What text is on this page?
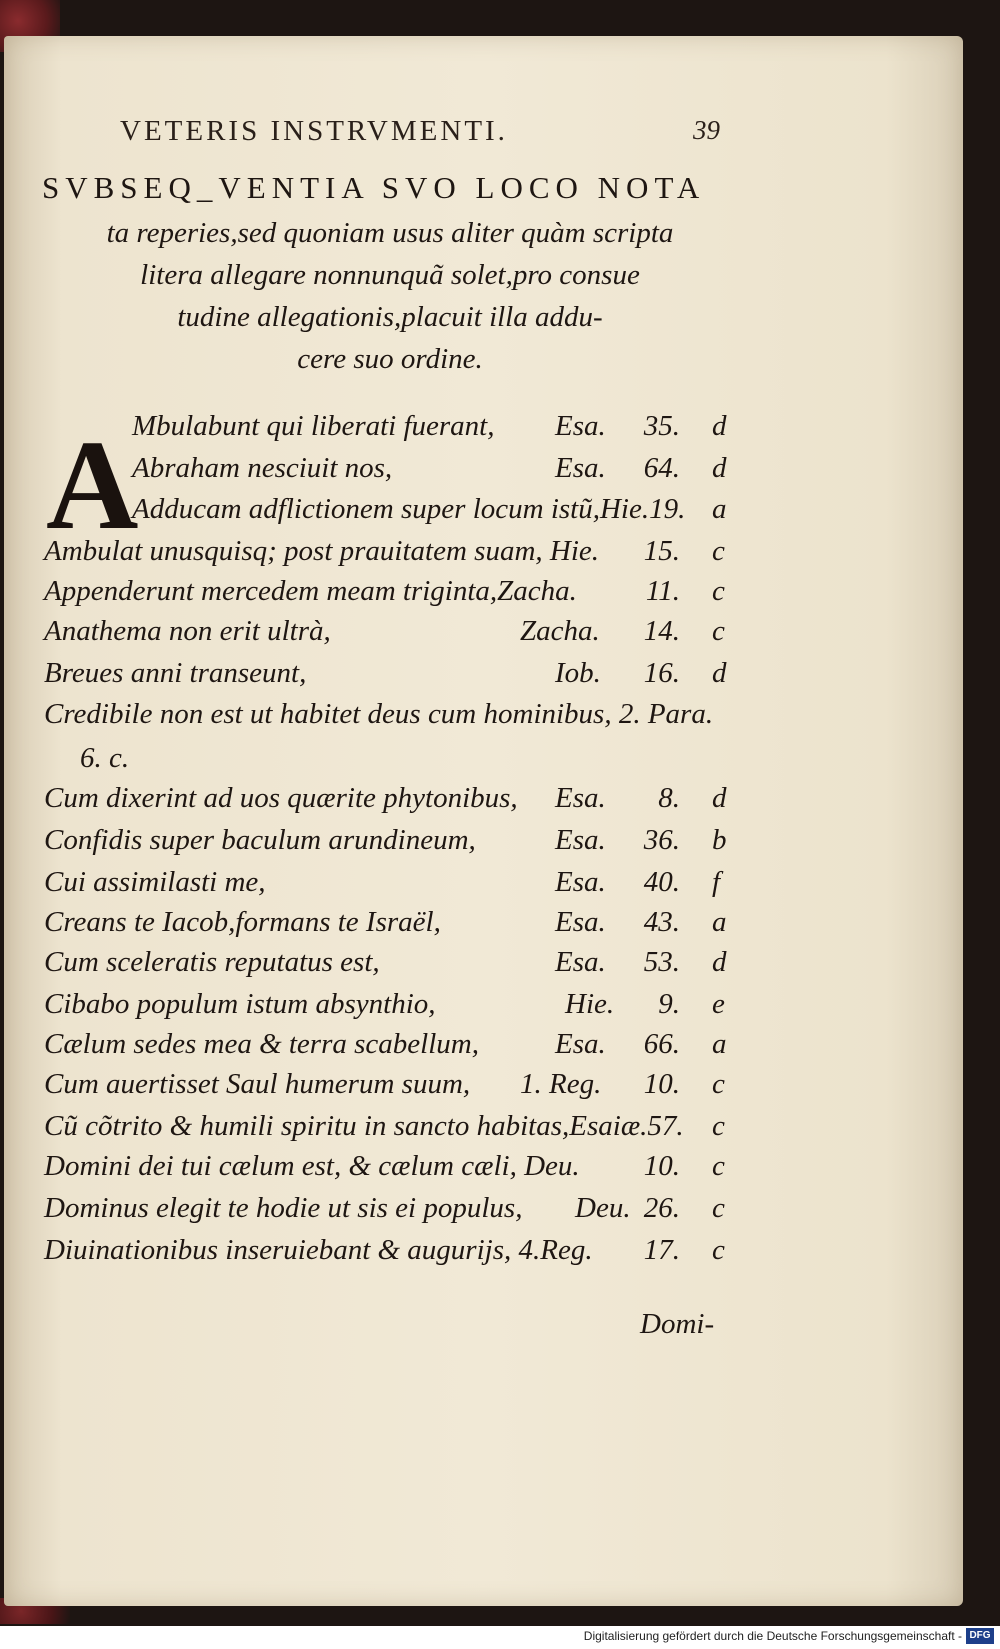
VETERIS INSTRVMENTI.	39
SVBSEQ_VENTIA SVO LOCO NOTA
ta reperies,sed quoniam usus aliter quàm scripta
litera allegare nonnunquã solet,pro consue
tudine allegationis,placuit illa addu-
cere suo ordine.
A
Mbulabunt qui liberati fuerant, Esa.	35. d
Abraham nesciuit nos,	Esa.	64. d
Adducam adflictionem super locum istũ,Hie.19. a
Ambulat unusquisq; post prauitatem suam, Hie.	15. c
Appenderunt mercedem meam triginta,Zacha.	11. c
Anathema non erit ultrà,	Zacha.	14. c
Breues anni transeunt,	Iob.	16. d
Credibile non est ut habitet deus cum hominibus, 2. Para.
6. c.
Cum dixerint ad uos quærite phytonibus, Esa.	8. d
Confidis super baculum arundineum,	Esa.	36. b
Cui assimilasti me,	Esa.	40. f
Creans te Iacob,formans te Israël,	Esa.	43. a
Cum sceleratis reputatus est,	Esa.	53. d
Cibabo populum istum absynthio,	Hie.	9. e
Cælum sedes mea & terra scabellum,	Esa.	66. a
Cum auertisset Saul humerum suum, 1. Reg.	10. c
Cũ cõtrito & humili spiritu in sancto habitas,Esaiæ.57. c
Domini dei tui cælum est, & cælum cæli, Deu.	10. c
Dominus elegit te hodie ut sis ei populus, Deu. 26. c
Diuinationibus inseruiebant & augurijs, 4.Reg.	17. c
Domi-
Digitalisierung gefördert durch die Deutsche Forschungsgemeinschaft - DFG
